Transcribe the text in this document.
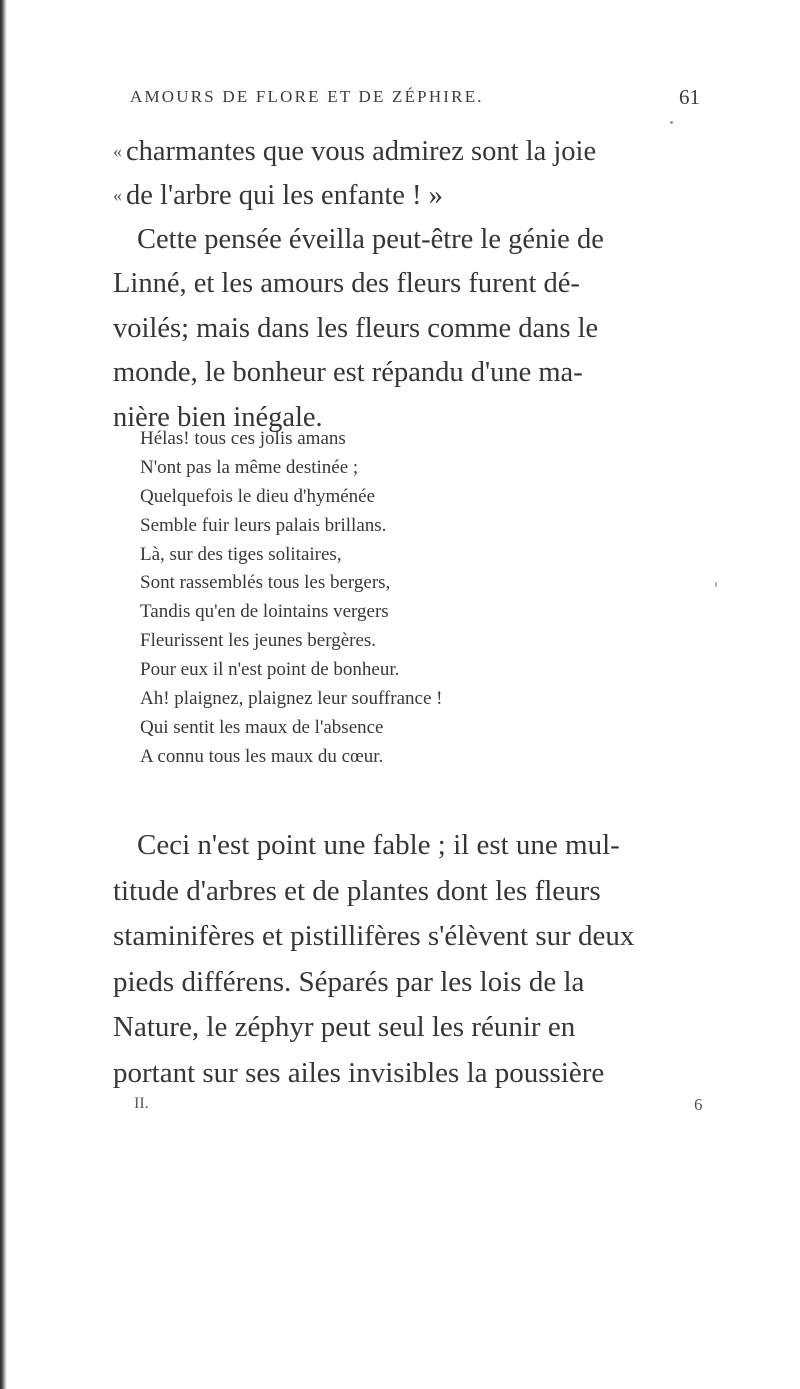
AMOURS DE FLORE ET DE ZÉPHIRE.	61
« charmantes que vous admirez sont la joie
« de l'arbre qui les enfante ! »
Cette pensée éveilla peut-être le génie de
Linné, et les amours des fleurs furent dé-
voilés; mais dans les fleurs comme dans le
monde, le bonheur est répandu d'une ma-
nière bien inégale.
Hélas! tous ces jolis amans
N'ont pas la même destinée ;
Quelquefois le dieu d'hyménée
Semble fuir leurs palais brillans.
Là, sur des tiges solitaires,
Sont rassemblés tous les bergers,
Tandis qu'en de lointains vergers
Fleurissent les jeunes bergères.
Pour eux il n'est point de bonheur.
Ah! plaignez, plaignez leur souffrance !
Qui sentit les maux de l'absence
A connu tous les maux du cœur.
Ceci n'est point une fable ; il est une mul-
titude d'arbres et de plantes dont les fleurs
staminifères et pistillifères s'élèvent sur deux
pieds différens. Séparés par les lois de la
Nature, le zéphyr peut seul les réunir en
portant sur ses ailes invisibles la poussière
II.	6
